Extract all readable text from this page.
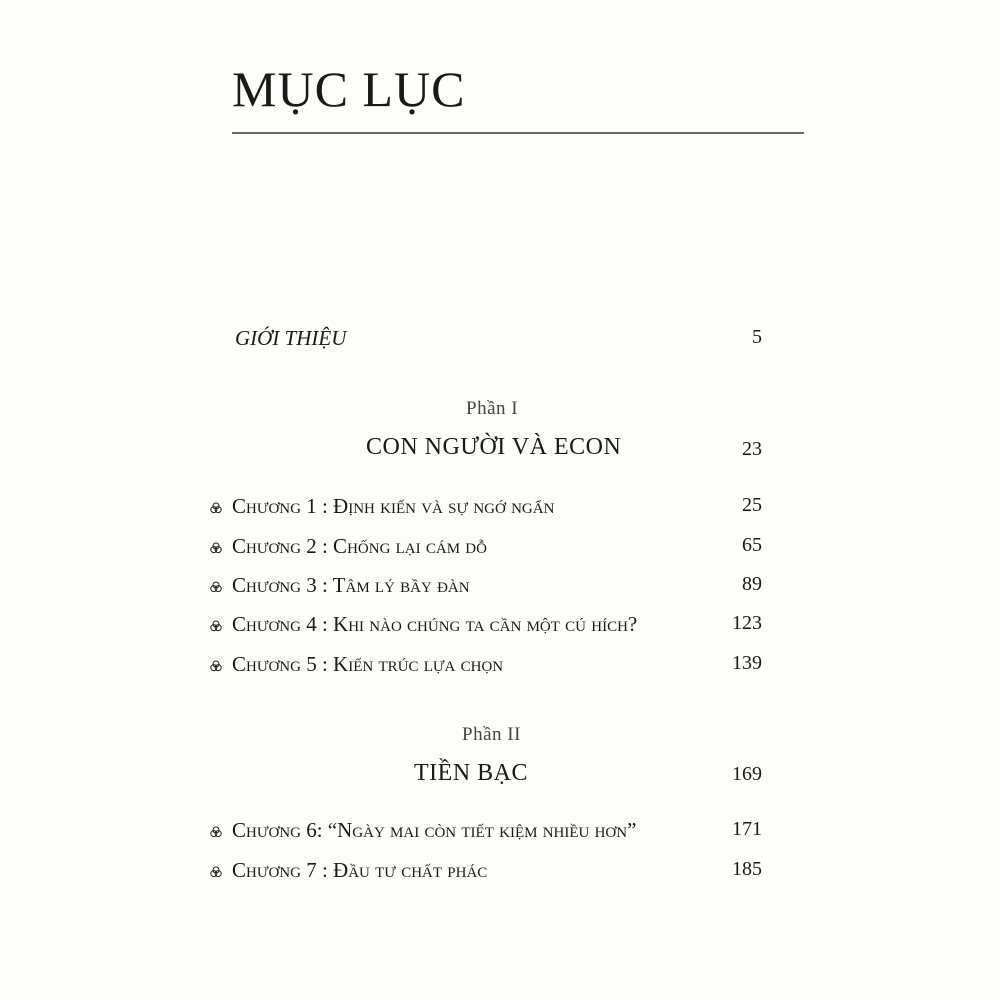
MỤC LỤC
GIỚI THIỆU	5
Phần I
CON NGƯỜI VÀ ECON	23
Chương 1 : Định kiến và sự ngớ ngẩn	25
Chương 2 : Chống lại cám dỗ	65
Chương 3 : Tâm lý bầy đàn	89
Chương 4 : Khi nào chúng ta cần một cú hích?	123
Chương 5 : Kiến trúc lựa chọn	139
Phần II
TIỀN BẠC	169
Chương 6: “Ngày mai còn tiết kiệm nhiều hơn”	171
Chương 7 : Đầu tư chất phác	185
